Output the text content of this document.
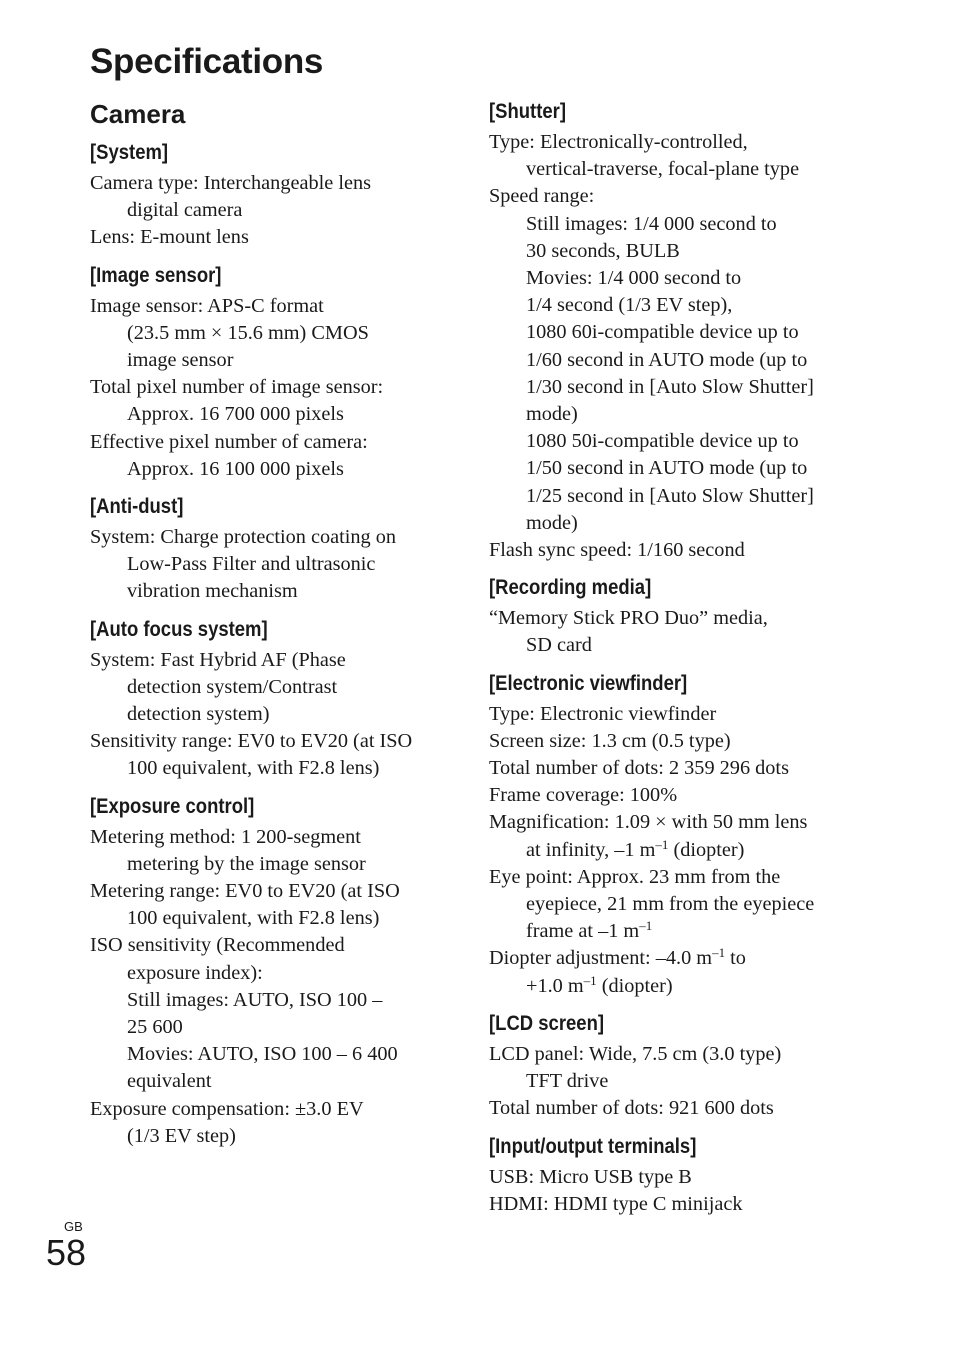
Specifications
Camera
[System]
Camera type: Interchangeable lens
digital camera
Lens: E-mount lens
[Image sensor]
Image sensor: APS-C format
(23.5 mm × 15.6 mm) CMOS
image sensor
Total pixel number of image sensor:
Approx. 16 700 000 pixels
Effective pixel number of camera:
Approx. 16 100 000 pixels
[Anti-dust]
System: Charge protection coating on
Low-Pass Filter and ultrasonic
vibration mechanism
[Auto focus system]
System: Fast Hybrid AF (Phase
detection system/Contrast
detection system)
Sensitivity range: EV0 to EV20 (at ISO
100 equivalent, with F2.8 lens)
[Exposure control]
Metering method: 1 200-segment
metering by the image sensor
Metering range: EV0 to EV20 (at ISO
100 equivalent, with F2.8 lens)
ISO sensitivity (Recommended
exposure index):
Still images: AUTO, ISO 100 –
25 600
Movies: AUTO, ISO 100 – 6 400
equivalent
Exposure compensation: ±3.0 EV
(1/3 EV step)
[Shutter]
Type: Electronically-controlled,
vertical-traverse, focal-plane type
Speed range:
Still images: 1/4 000 second to
30 seconds, BULB
Movies: 1/4 000 second to
1/4 second (1/3 EV step),
1080 60i-compatible device up to
1/60 second in AUTO mode (up to
1/30 second in [Auto Slow Shutter]
mode)
1080 50i-compatible device up to
1/50 second in AUTO mode (up to
1/25 second in [Auto Slow Shutter]
mode)
Flash sync speed: 1/160 second
[Recording media]
“Memory Stick PRO Duo” media,
SD card
[Electronic viewfinder]
Type: Electronic viewfinder
Screen size: 1.3 cm (0.5 type)
Total number of dots: 2 359 296 dots
Frame coverage: 100%
Magnification: 1.09 × with 50 mm lens
at infinity, –1 $m^{-1}$ (diopter)
Eye point: Approx. 23 mm from the
eyepiece, 21 mm from the eyepiece
frame at –1 $m^{-1}$
Diopter adjustment: –4.0 $m^{-1}$ to
+1.0 $m^{-1}$ (diopter)
[LCD screen]
LCD panel: Wide, 7.5 cm (3.0 type)
TFT drive
Total number of dots: 921 600 dots
[Input/output terminals]
USB: Micro USB type B
HDMI: HDMI type C minijack
GB
58
